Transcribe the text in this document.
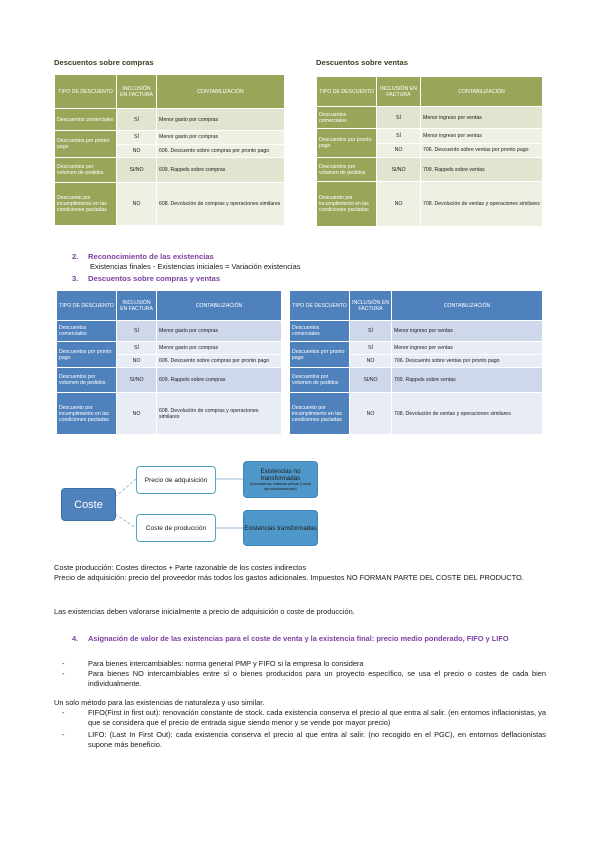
Descuentos sobre compras	Descuentos sobre ventas
TIPO DE DESCUENTO	INCLUSIÓN EN FACTURA	CONTABILIZACIÓN
Descuentos comerciales	SÍ	Menor gasto por compras
Descuentos por pronto pago	SÍ	Menor gasto por compras
	NO	606. Descuento sobre compras por pronto pago
Descuentos por volumen de pedidos	SI/NO	609. Rappels sobre compras
Descuento por incumplimiento en las condiciones pactadas	NO	608. Devolución de compras y operaciones similares
TIPO DE DESCUENTO	INCLUSIÓN EN FACTURA	CONTABILIZACIÓN
Descuentos comerciales	SÍ	Menor ingreso por ventas
Descuentos por pronto pago	SÍ	Menor ingreso por ventas
	NO	706. Descuento sobre ventas por pronto pago
Descuentos por volumen de pedidos	SI/NO	709. Rappels sobre ventas
Descuento por incumplimiento en las condiciones pactadas	NO	708. Devolución de ventas y operaciones similares
2. Reconocimiento de las existencias
Existencias finales - Existencias iniciales = Variación existencias
3. Descuentos sobre compras y ventas
TIPO DE DESCUENTO	INCLUSIÓN EN FACTURA	CONTABILIZACIÓN
Descuentos comerciales	SÍ	Menor gasto por compras
Descuentos por pronto pago	SÍ	Menor gasto por compras
	NO	606. Descuento sobre compras por pronto pago
Descuentos por volumen de pedidos	SI/NO	609. Rappels sobre compras
Descuento por incumplimiento en las condiciones pactadas	NO	608. Devolución de compras y operaciones similares
TIPO DE DESCUENTO	INCLUSIÓN EN FACTURA	CONTABILIZACIÓN
Descuentos comerciales	SÍ	Menor ingreso por ventas
Descuentos por pronto pago	SÍ	Menor ingreso por ventas
	NO	706. Descuento sobre ventas por pronto pago
Descuentos por volumen de pedidos	SI/NO	709. Rappels sobre ventas
Descuento por incumplimiento en las condiciones pactadas	NO	708. Devolución de ventas y operaciones similares
Coste
Precio de adquisición
Coste de producción
Existencias no transformadas
(mercaderías, materias primas y otros aprovisionamientos)
Existencias transformadas
Coste producción: Costes directos + Parte razonable de los costes indirectos
Precio de adquisición: precio del proveedor más todos los gastos adicionales. Impuestos NO FORMAN PARTE DEL COSTE DEL PRODUCTO.
Las existencias deben valorarse inicialmente a precio de adquisición o coste de producción.
4. Asignación de valor de las existencias para el coste de venta y la existencia final: precio medio ponderado, FIFO y LIFO
-	Para bienes intercambiables: norma general PMP y FIFO si la empresa lo considera
-	Para bienes NO intercambiables entre sí o bienes producidos para un proyecto específico, se usa el precio o costes de cada bien individualmente.
Un solo método para las existencias de naturaleza y uso similar.
-	FIFO(First in first out): renovación constante de stock. cada existencia conserva el precio al que entra al salir. (en entornos inflacionistas, ya que se considera que el precio de entrada sigue siendo menor y se vende por mayor precio)
-	LIFO: (Last In First Out): cada existencia conserva el precio al que entra al salir. (no recogido en el PGC), en entornos deflacionistas supone más beneficio.
